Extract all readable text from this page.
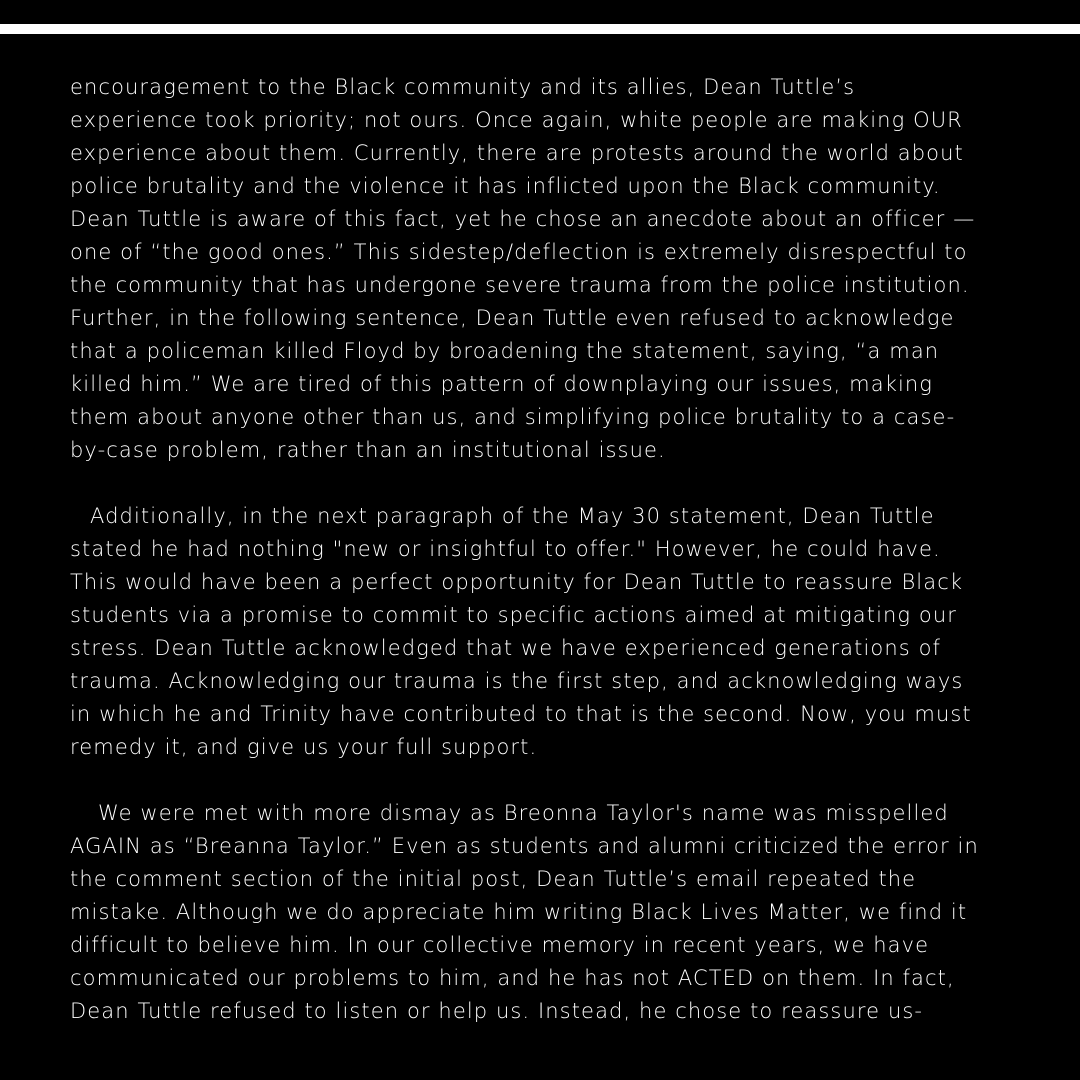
encouragement to the Black community and its allies, Dean Tuttle’s
experience took priority; not ours. Once again, white people are making OUR
experience about them. Currently, there are protests around the world about
police brutality and the violence it has inflicted upon the Black community.
Dean Tuttle is aware of this fact, yet he chose an anecdote about an officer —
one of “the good ones.” This sidestep/deflection is extremely disrespectful to
the community that has undergone severe trauma from the police institution.
Further, in the following sentence, Dean Tuttle even refused to acknowledge
that a policeman killed Floyd by broadening the statement, saying, “a man
killed him.” We are tired of this pattern of downplaying our issues, making
them about anyone other than us, and simplifying police brutality to a case-
by-case problem, rather than an institutional issue.

Additionally, in the next paragraph of the May 30 statement, Dean Tuttle
stated he had nothing "new or insightful to offer." However, he could have.
This would have been a perfect opportunity for Dean Tuttle to reassure Black
students via a promise to commit to specific actions aimed at mitigating our
stress. Dean Tuttle acknowledged that we have experienced generations of
trauma. Acknowledging our trauma is the first step, and acknowledging ways
in which he and Trinity have contributed to that is the second. Now, you must
remedy it, and give us your full support.

We were met with more dismay as Breonna Taylor's name was misspelled
AGAIN as “Breanna Taylor.” Even as students and alumni criticized the error in
the comment section of the initial post, Dean Tuttle’s email repeated the
mistake. Although we do appreciate him writing Black Lives Matter, we find it
difficult to believe him. In our collective memory in recent years, we have
communicated our problems to him, and he has not ACTED on them. In fact,
Dean Tuttle refused to listen or help us. Instead, he chose to reassure us-
